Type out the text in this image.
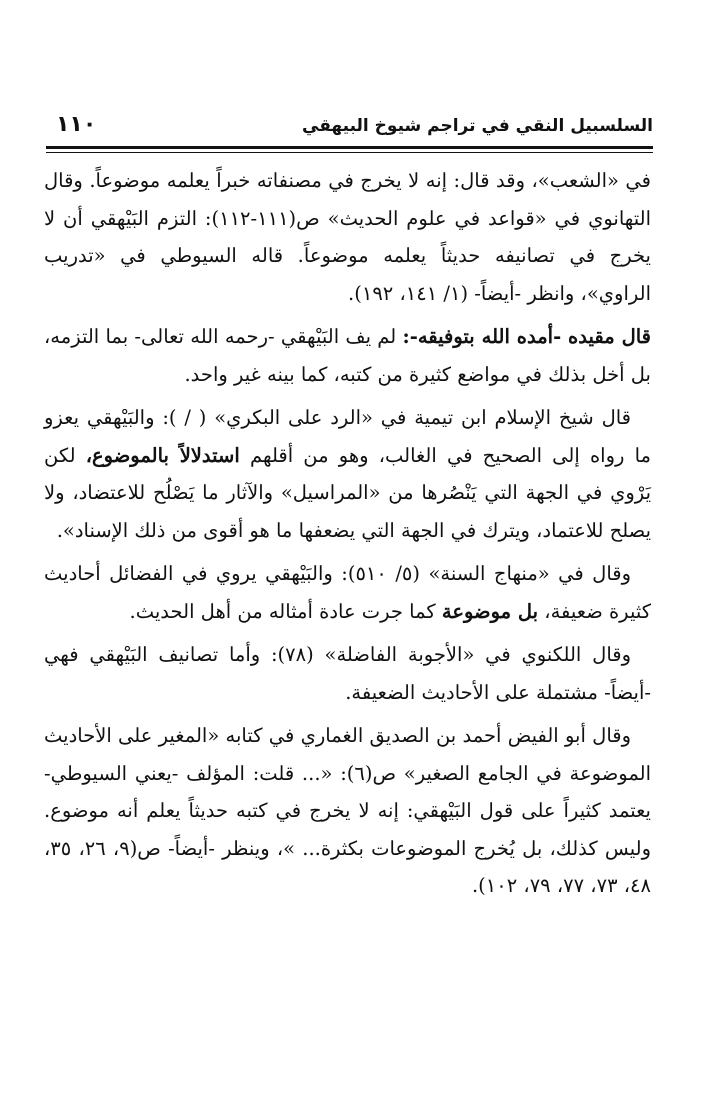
السلسبيل النقي في تراجم شيوخ البيهقي
١١٠

في «الشعب»، وقد قال: إنه لا يخرج في مصنفاته خبراً يعلمه موضوعاً. وقال التهانوي في «قواعد في علوم الحديث» ص(١١١-١١٢): التزم البَيْهقي أن لا يخرج في تصانيفه حديثاً يعلمه موضوعاً. قاله السيوطي في «تدريب الراوي»، وانظر -أيضاً- (١/ ١٤١، ١٩٢).

قال مقيده -أمده الله بتوفيقه-: لم يف البَيْهقي -رحمه الله تعالى- بما التزمه، بل أخل بذلك في مواضع كثيرة من كتبه، كما بينه غير واحد.

قال شيخ الإسلام ابن تيمية في «الرد على البكري» ( / ): والبَيْهقي يعزو ما رواه إلى الصحيح في الغالب، وهو من أقلهم استدلالاً بالموضوع، لكن يَرْوي في الجهة التي يَنْصُرها من «المراسيل» والآثار ما يَصْلُح للاعتضاد، ولا يصلح للاعتماد، ويترك في الجهة التي يضعفها ما هو أقوى من ذلك الإسناد».

وقال في «منهاج السنة» (٥/ ٥١٠): والبَيْهقي يروي في الفضائل أحاديث كثيرة ضعيفة، بل موضوعة كما جرت عادة أمثاله من أهل الحديث.

وقال اللكنوي في «الأجوبة الفاضلة» (٧٨): وأما تصانيف البَيْهقي فهي -أيضاً- مشتملة على الأحاديث الضعيفة.

وقال أبو الفيض أحمد بن الصديق الغماري في كتابه «المغير على الأحاديث الموضوعة في الجامع الصغير» ص(٦): «... قلت: المؤلف -يعني السيوطي- يعتمد كثيراً على قول البَيْهقي: إنه لا يخرج في كتبه حديثاً يعلم أنه موضوع. وليس كذلك، بل يُخرج الموضوعات بكثرة... »، وينظر -أيضاً- ص(٩، ٢٦، ٣٥، ٤٨، ٧٣، ٧٧، ٧٩، ١٠٢).
